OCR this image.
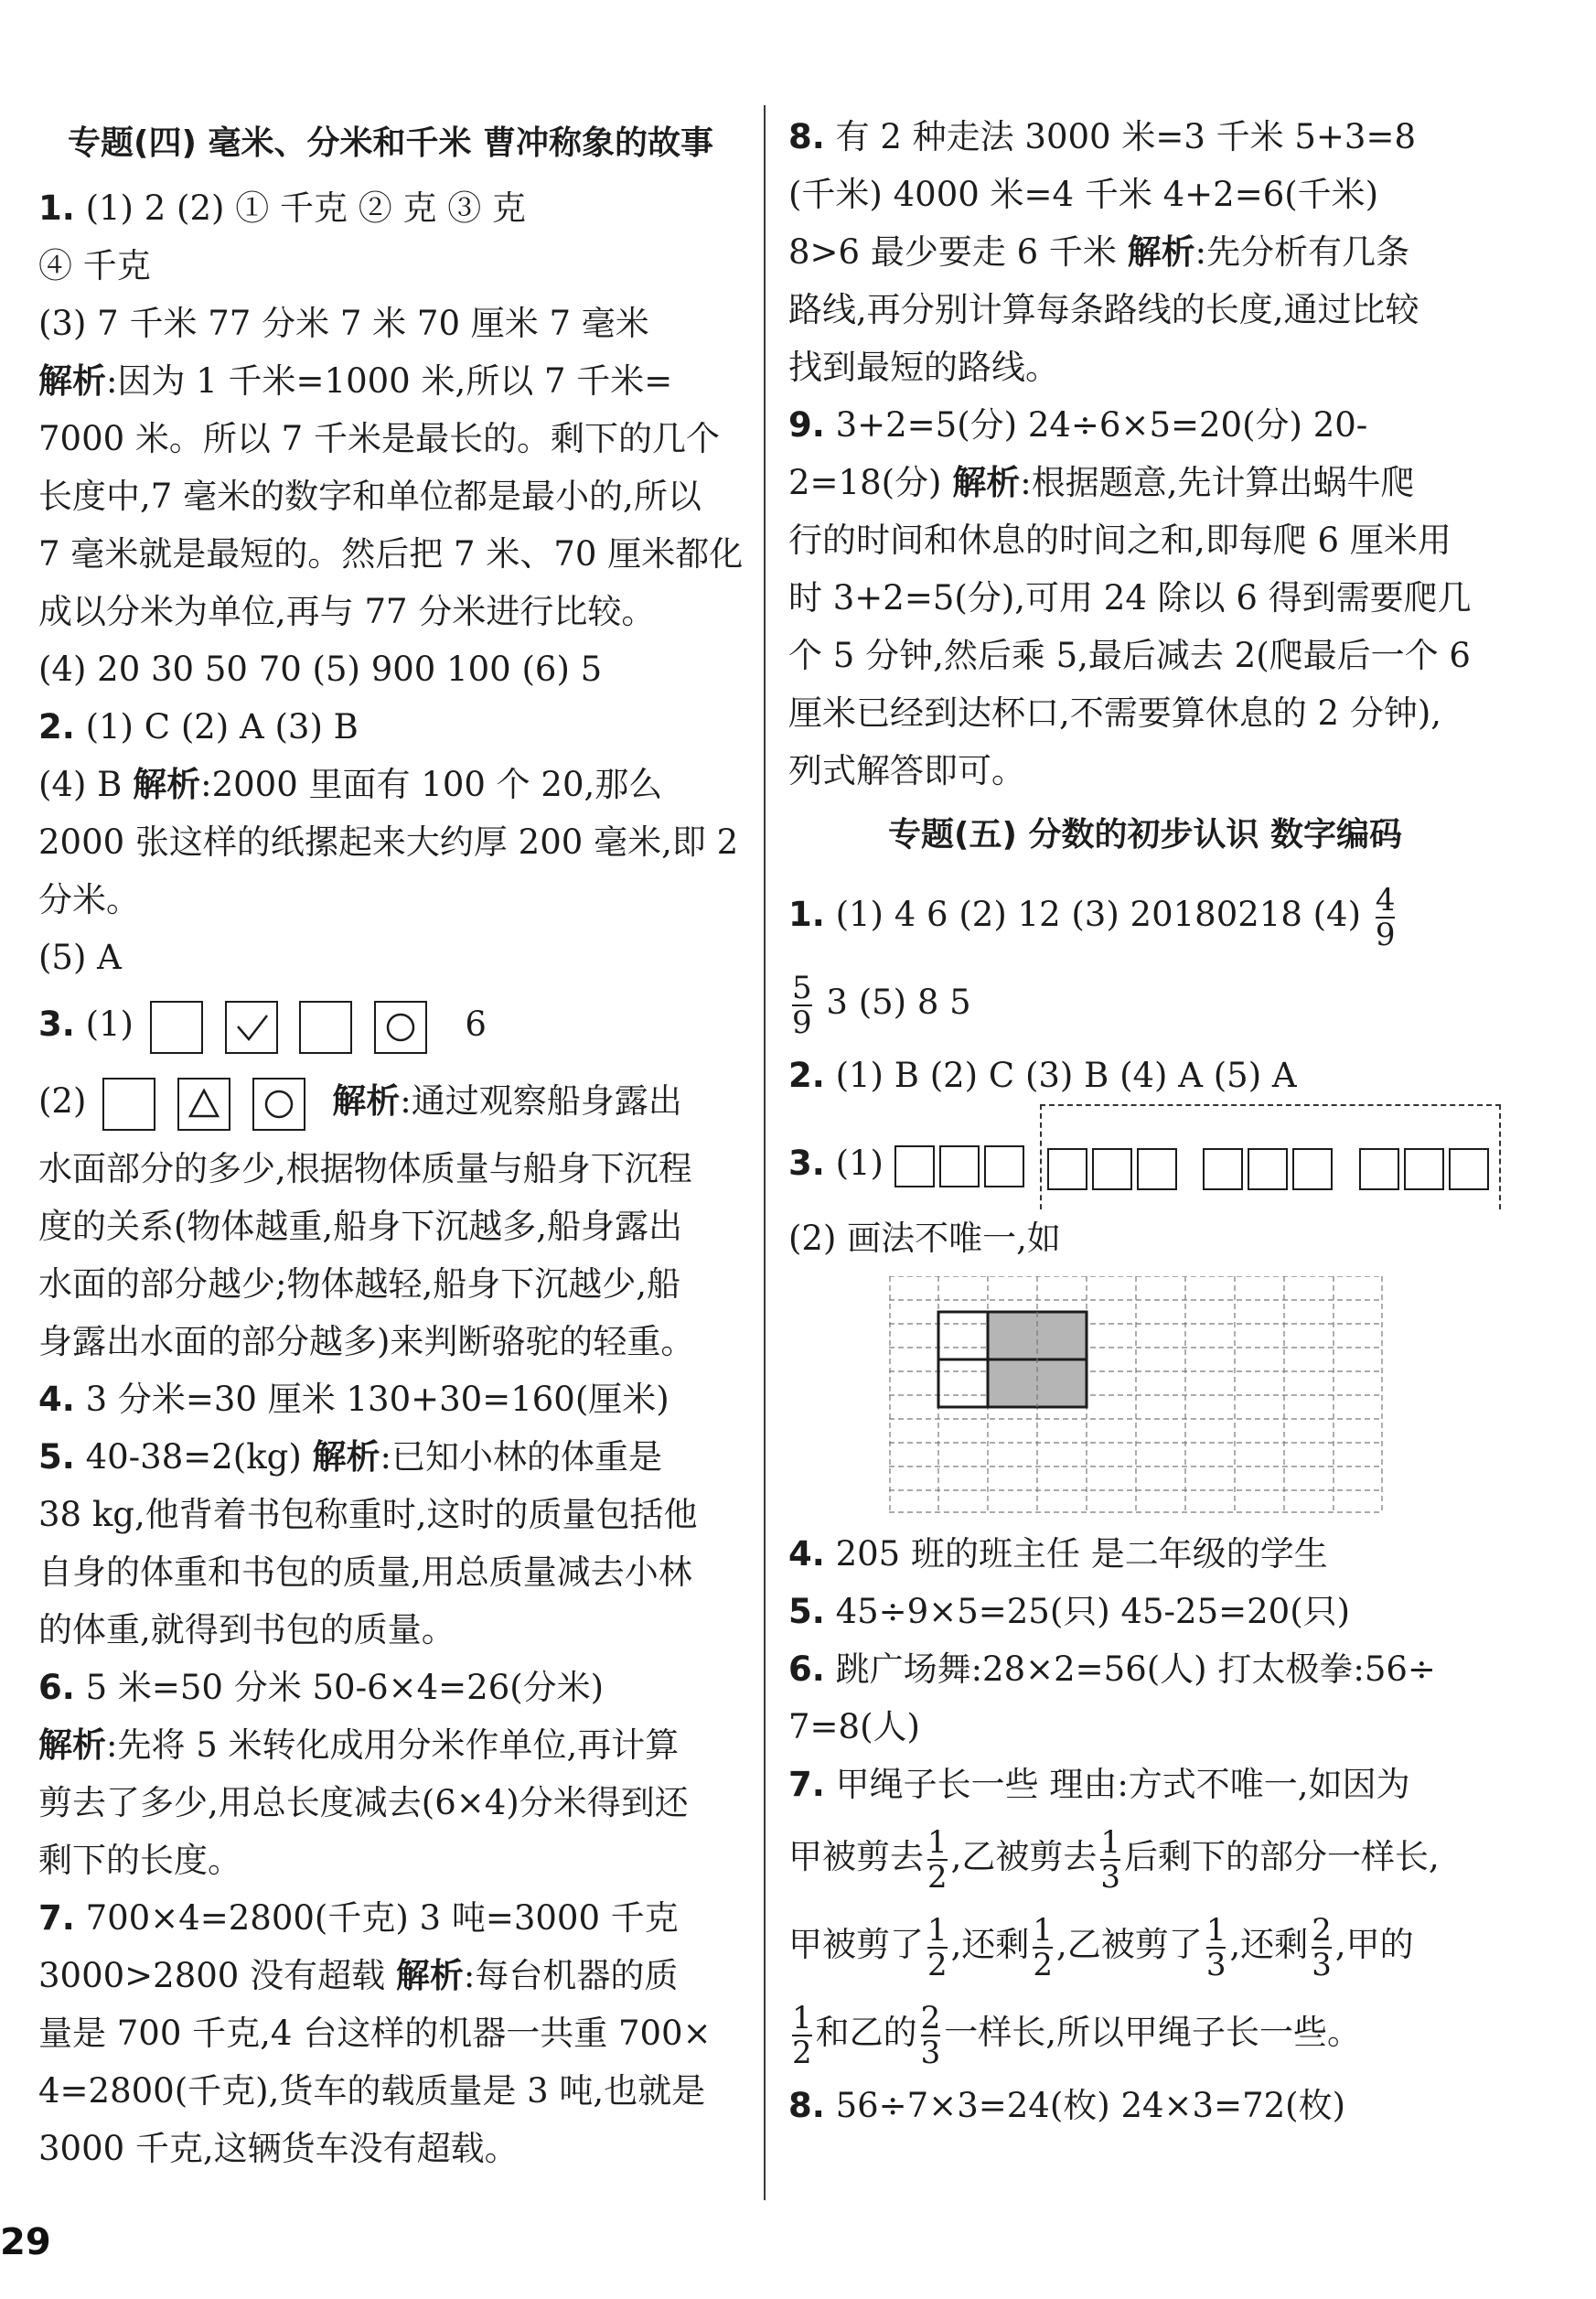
专题(四) 毫米、分米和千米 曹冲称象的故事
1. (1) 2 (2) ① 千克 ② 克 ③ 克
④ 千克
(3) 7 千米 77 分米 7 米 70 厘米 7 毫米
解析:因为 1 千米=1000 米,所以 7 千米=
7000 米。所以 7 千米是最长的。剩下的几个
长度中,7 毫米的数字和单位都是最小的,所以
7 毫米就是最短的。然后把 7 米、70 厘米都化
成以分米为单位,再与 77 分米进行比较。
(4) 20 30 50 70 (5) 900 100 (6) 5
2. (1) C (2) A (3) B
(4) B 解析:2000 里面有 100 个 20,那么
2000 张这样的纸摞起来大约厚 200 毫米,即 2
分米。
(5) A
3. (1)
	6
(2)
	解析:通过观察船身露出
水面部分的多少,根据物体质量与船身下沉程
度的关系(物体越重,船身下沉越多,船身露出
水面的部分越少;物体越轻,船身下沉越少,船
身露出水面的部分越多)来判断骆驼的轻重。
4. 3 分米=30 厘米 130+30=160(厘米)
5. 40-38=2(kg) 解析:已知小林的体重是
38 kg,他背着书包称重时,这时的质量包括他
自身的体重和书包的质量,用总质量减去小林
的体重,就得到书包的质量。
6. 5 米=50 分米 50-6×4=26(分米)
解析:先将 5 米转化成用分米作单位,再计算
剪去了多少,用总长度减去(6×4)分米得到还
剩下的长度。
7. 700×4=2800(千克) 3 吨=3000 千克
3000>2800 没有超载 解析:每台机器的质
量是 700 千克,4 台这样的机器一共重 700×
4=2800(千克),货车的载质量是 3 吨,也就是
3000 千克,这辆货车没有超载。
8. 有 2 种走法 3000 米=3 千米 5+3=8
(千米) 4000 米=4 千米 4+2=6(千米)
8>6 最少要走 6 千米 解析:先分析有几条
路线,再分别计算每条路线的长度,通过比较
找到最短的路线。
9. 3+2=5(分) 24÷6×5=20(分) 20-
2=18(分) 解析:根据题意,先计算出蜗牛爬
行的时间和休息的时间之和,即每爬 6 厘米用
时 3+2=5(分),可用 24 除以 6 得到需要爬几
个 5 分钟,然后乘 5,最后减去 2(爬最后一个 6
厘米已经到达杯口,不需要算休息的 2 分钟),
列式解答即可。
专题(五) 分数的初步认识 数字编码
1. (1) 4 6 (2) 12 (3) 20180218 $(4) \frac{4}{9}$
$\frac{5}{9} 3$ (5) 8 5
2. (1) B (2) C (3) B (4) A (5) A
3. (1)
(2) 画法不唯一,如
4. 205 班的班主任 是二年级的学生
5. 45÷9×5=25(只) 45-25=20(只)
6. 跳广场舞:28×2=56(人) 打太极拳:56÷
7=8(人)
7. 甲绳子长一些 理由:方式不唯一,如因为
甲被剪去 $\frac{1}{2}$ ,乙被剪去 $\frac{1}{3}$ 后剩下的部分一样长,
甲被剪了 $\frac{1}{2}$ ,还剩 $\frac{1}{2}$ ,乙被剪了 $\frac{1}{3}$ ,还剩 $\frac{2}{3}$ ,甲的
$\frac{1}{2}$ 和乙的 $\frac{2}{3}$ 一样长,所以甲绳子长一些。
8. 56÷7×3=24(枚) 24×3=72(枚)
29
